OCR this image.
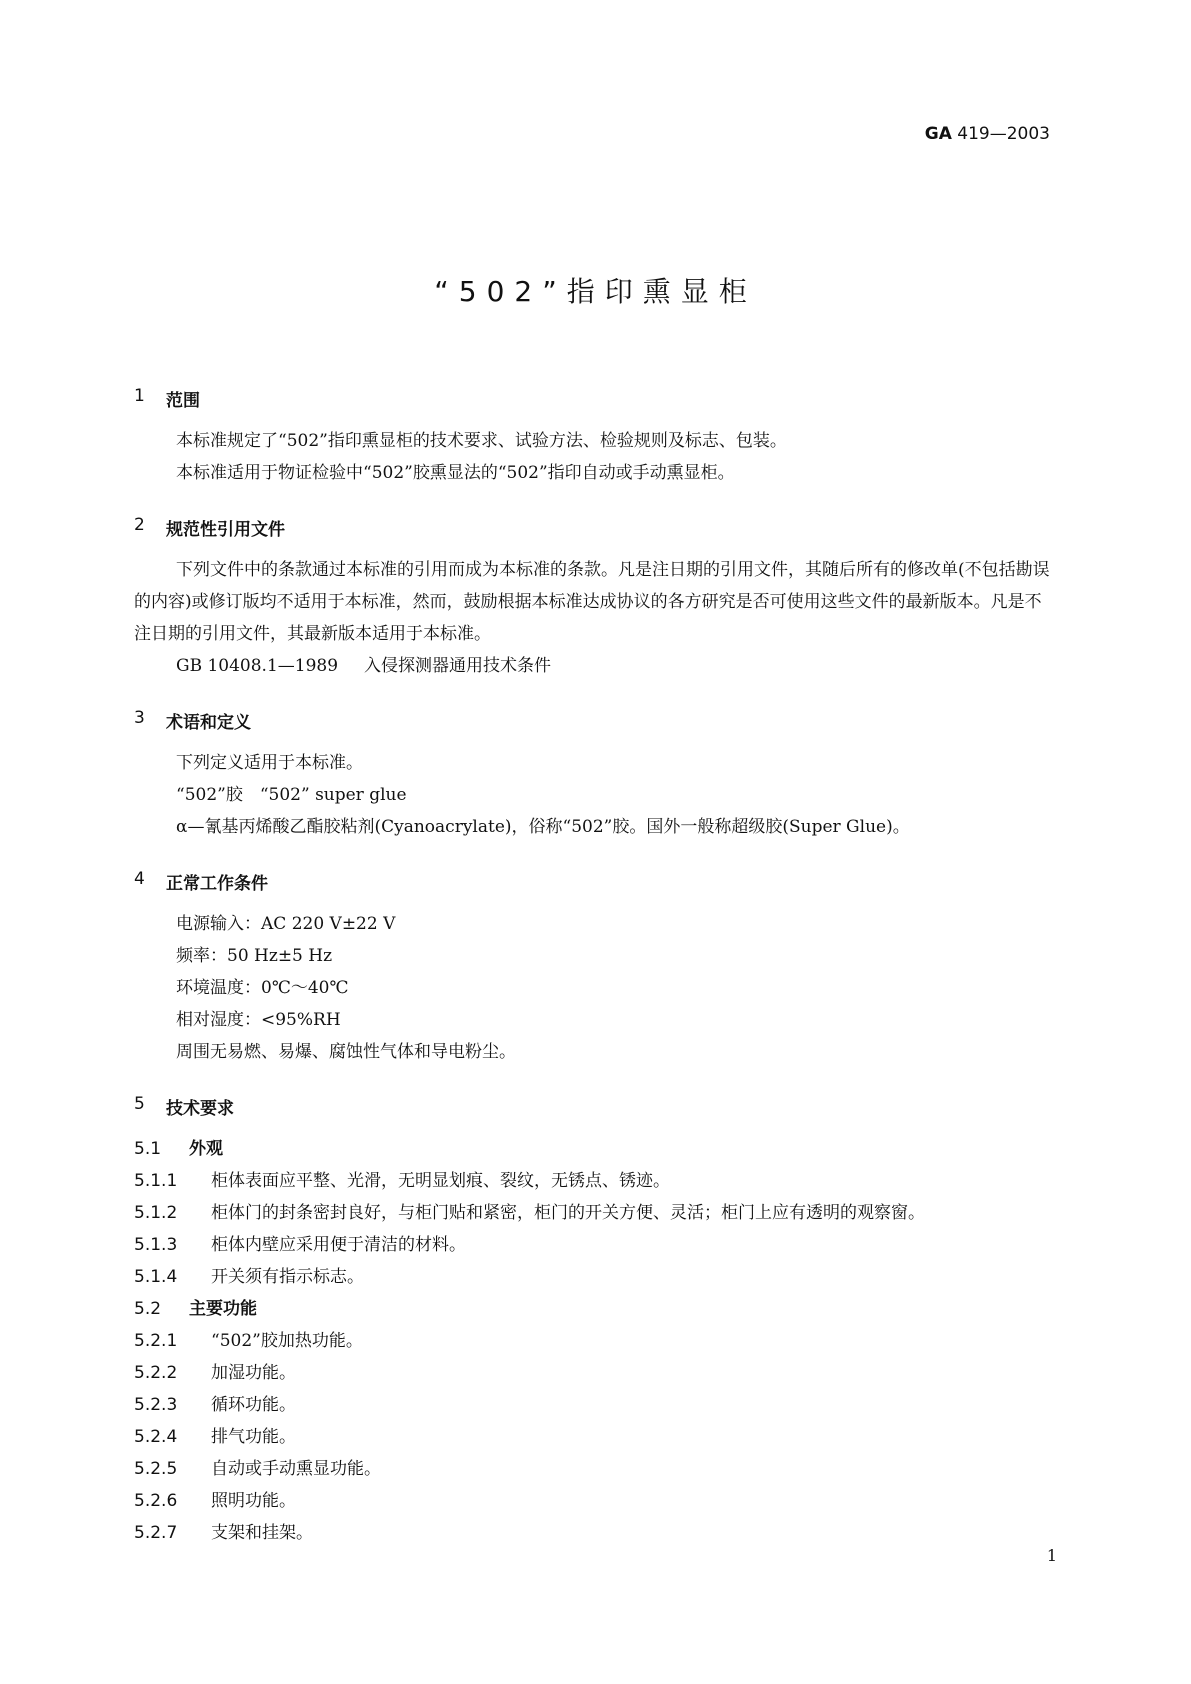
GA 419—2003
“502”指印熏显柜
1	范围

本标准规定了“502”指印熏显柜的技术要求、试验方法、检验规则及标志、包装。

本标准适用于物证检验中“502”胶熏显法的“502”指印自动或手动熏显柜。

2	规范性引用文件

下列文件中的条款通过本标准的引用而成为本标准的条款。凡是注日期的引用文件，其随后所有的修改单(不包括勘误的内容)或修订版均不适用于本标准，然而，鼓励根据本标准达成协议的各方研究是否可使用这些文件的最新版本。凡是不注日期的引用文件，其最新版本适用于本标准。

GB 10408.1—1989 入侵探测器通用技术条件
3	术语和定义

下列定义适用于本标准。

“502”胶　“502” super glue

α—氰基丙烯酸乙酯胶粘剂(Cyanoacrylate)，俗称“502”胶。国外一般称超级胶(Super Glue)。

4	正常工作条件

电源输入：AC 220 V±22 V

频率：50 Hz±5 Hz

环境温度：0℃～40℃

相对湿度：<95%RH

周围无易燃、易爆、腐蚀性气体和导电粉尘。

5	技术要求
5.1	外观
5.1.1	柜体表面应平整、光滑，无明显划痕、裂纹，无锈点、锈迹。
5.1.2	柜体门的封条密封良好，与柜门贴和紧密，柜门的开关方便、灵活；柜门上应有透明的观察窗。
5.1.3	柜体内壁应采用便于清洁的材料。
5.1.4	开关须有指示标志。
5.2	主要功能
5.2.1	“502”胶加热功能。
5.2.2	加湿功能。
5.2.3	循环功能。
5.2.4	排气功能。
5.2.5	自动或手动熏显功能。
5.2.6	照明功能。
5.2.7	支架和挂架。
1
